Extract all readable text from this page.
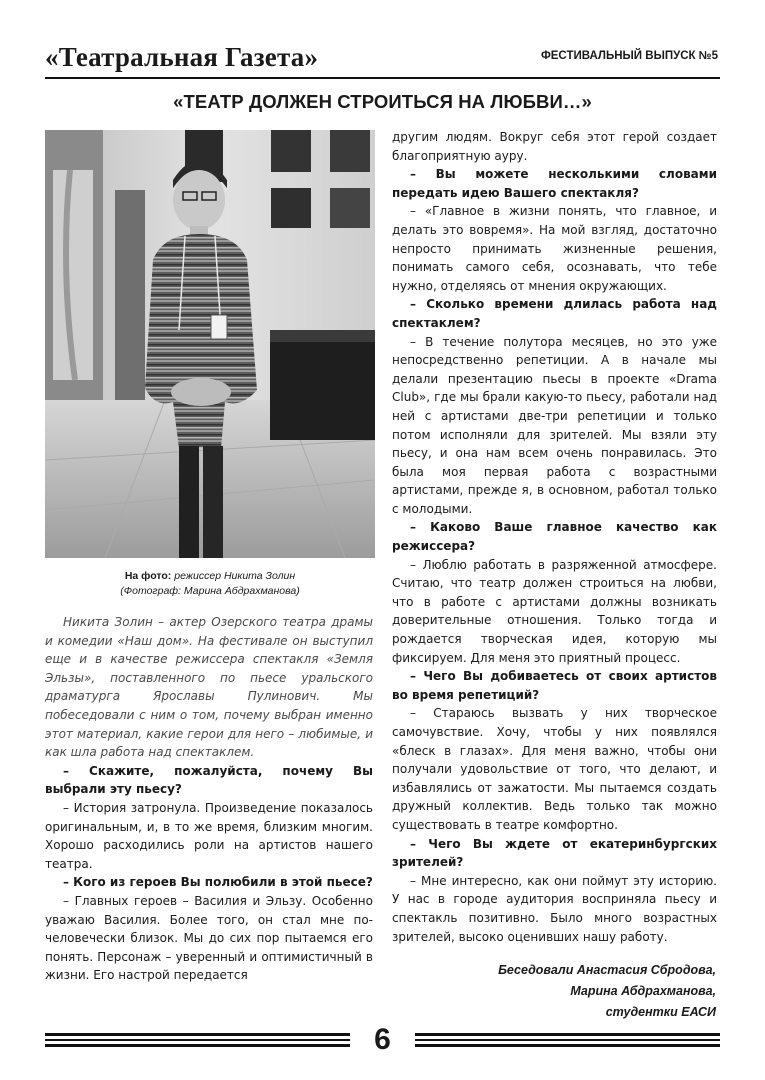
«Театральная Газета»	ФЕСТИВАЛЬНЫЙ ВЫПУСК №5
«ТЕАТР ДОЛЖЕН СТРОИТЬСЯ НА ЛЮБВИ…»
На фото: режиссер Никита Золин
(Фотограф: Марина Абдрахманова)

Никита Золин – актер Озерского театра драмы и комедии «Наш дом». На фестивале он выступил еще и в качестве режиссера спектакля «Земля Эльзы», поставленного по пьесе уральского драматурга Ярославы Пулинович. Мы побеседовали с ним о том, почему выбран именно этот материал, какие герои для него – любимые, и как шла работа над спектаклем.

– Скажите, пожалуйста, почему Вы выбрали эту пьесу?

– История затронула. Произведение показалось оригинальным, и, в то же время, близким многим. Хорошо расходились роли на артистов нашего театра.

– Кого из героев Вы полюбили в этой пьесе?

– Главных героев – Василия и Эльзу. Особенно уважаю Василия. Более того, он стал мне по-человечески близок. Мы до сих пор пытаемся его понять. Персонаж – уверенный и оптимистичный в жизни. Его настрой передается

другим людям. Вокруг себя этот герой создает благоприятную ауру.

– Вы можете несколькими словами передать идею Вашего спектакля?

– «Главное в жизни понять, что главное, и делать это вовремя». На мой взгляд, достаточно непросто принимать жизненные решения, понимать самого себя, осознавать, что тебе нужно, отделяясь от мнения окружающих.

– Сколько времени длилась работа над спектаклем?

– В течение полутора месяцев, но это уже непосредственно репетиции. А в начале мы делали презентацию пьесы в проекте «Drama Club», где мы брали какую-то пьесу, работали над ней с артистами две-три репетиции и только потом исполняли для зрителей. Мы взяли эту пьесу, и она нам всем очень понравилась. Это была моя первая работа с возрастными артистами, прежде я, в основном, работал только с молодыми.

– Каково Ваше главное качество как режиссера?

– Люблю работать в разряженной атмосфере. Считаю, что театр должен строиться на любви, что в работе с артистами должны возникать доверительные отношения. Только тогда и рождается творческая идея, которую мы фиксируем. Для меня это приятный процесс.

– Чего Вы добиваетесь от своих артистов во время репетиций?

– Стараюсь вызвать у них творческое самочувствие. Хочу, чтобы у них появлялся «блеск в глазах». Для меня важно, чтобы они получали удовольствие от того, что делают, и избавлялись от зажатости. Мы пытаемся создать дружный коллектив. Ведь только так можно существовать в театре комфортно.

– Чего Вы ждете от екатеринбургских зрителей?

– Мне интересно, как они поймут эту историю. У нас в городе аудитория восприняла пьесу и спектакль позитивно. Было много возрастных зрителей, высоко оценивших нашу работу.

Беседовали Анастасия Сбродова,
Марина Абдрахманова,
студентки ЕАСИ
6
